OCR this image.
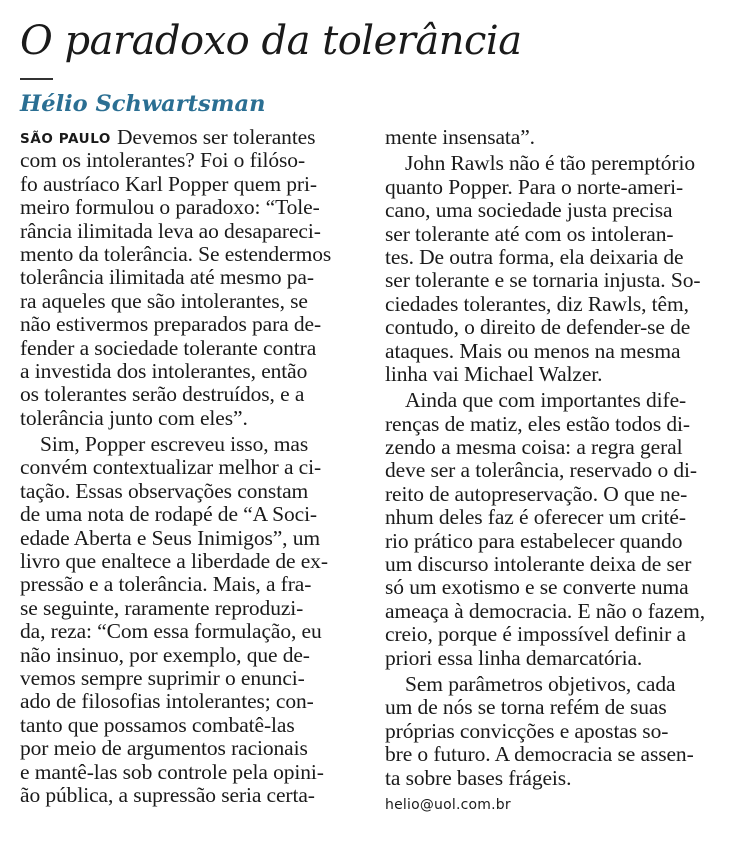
O paradoxo da tolerância
Hélio Schwartsman
SÃO PAULO Devemos ser tolerantes
com os intolerantes? Foi o filóso-
fo austríaco Karl Popper quem pri-
meiro formulou o paradoxo: “Tole-
rância ilimitada leva ao desapareci-
mento da tolerância. Se estendermos
tolerância ilimitada até mesmo pa-
ra aqueles que são intolerantes, se
não estivermos preparados para de-
fender a sociedade tolerante contra
a investida dos intolerantes, então
os tolerantes serão destruídos, e a
tolerância junto com eles”.
Sim, Popper escreveu isso, mas
convém contextualizar melhor a ci-
tação. Essas observações constam
de uma nota de rodapé de “A Soci-
edade Aberta e Seus Inimigos”, um
livro que enaltece a liberdade de ex-
pressão e a tolerância. Mais, a fra-
se seguinte, raramente reproduzi-
da, reza: “Com essa formulação, eu
não insinuo, por exemplo, que de-
vemos sempre suprimir o enunci-
ado de filosofias intolerantes; con-
tanto que possamos combatê-las
por meio de argumentos racionais
e mantê-las sob controle pela opini-
ão pública, a supressão seria certa-
mente insensata”.
John Rawls não é tão peremptório
quanto Popper. Para o norte-ameri-
cano, uma sociedade justa precisa
ser tolerante até com os intoleran-
tes. De outra forma, ela deixaria de
ser tolerante e se tornaria injusta. So-
ciedades tolerantes, diz Rawls, têm,
contudo, o direito de defender-se de
ataques. Mais ou menos na mesma
linha vai Michael Walzer.
Ainda que com importantes dife-
renças de matiz, eles estão todos di-
zendo a mesma coisa: a regra geral
deve ser a tolerância, reservado o di-
reito de autopreservação. O que ne-
nhum deles faz é oferecer um crité-
rio prático para estabelecer quando
um discurso intolerante deixa de ser
só um exotismo e se converte numa
ameaça à democracia. E não o fazem,
creio, porque é impossível definir a
priori essa linha demarcatória.
Sem parâmetros objetivos, cada
um de nós se torna refém de suas
próprias convicções e apostas so-
bre o futuro. A democracia se assen-
ta sobre bases frágeis.
helio@uol.com.br
